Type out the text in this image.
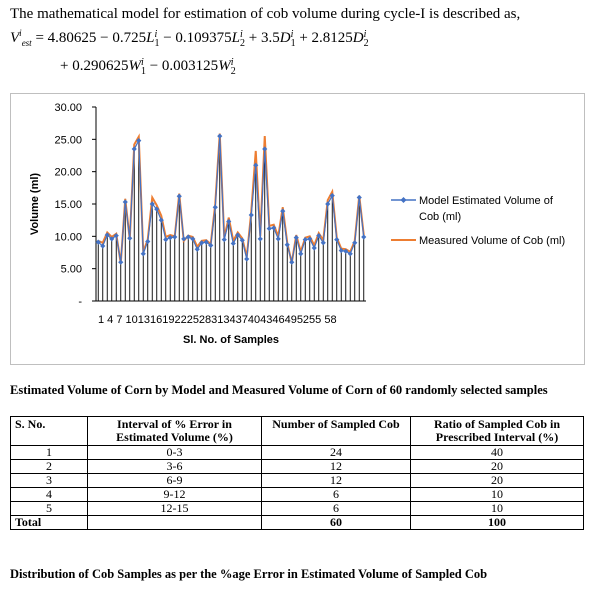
The mathematical model for estimation of cob volume during cycle-I is described as,
$V^i_{est} = 4.80625 - 0.725L$ i
1 − 0.109375L i
2 + 3.5D i
1 + 2.8125D i
2
+ 0.290625W i
1 − 0.003125W i
2
-
5.00
10.00
15.00
20.00
25.00
30.00
1 4 7 10131619222528313437404346495255 58
Sl. No. of Samples
Volume (ml)	Model Estimated Volume of Cob (ml)
Measured Volume of Cob (ml)
Estimated Volume of Corn by Model and Measured Volume of Corn of 60 randomly selected samples
S. No.	Interval of % Error in Estimated Volume (%)	Number of Sampled Cob	Ratio of Sampled Cob in Prescribed Interval (%)
1	0-3	24	40
2	3-6	12	20
3	6-9	12	20
4	9-12	6	10
5	12-15	6	10
Total		60	100
Distribution of Cob Samples as per the %age Error in Estimated Volume of Sampled Cob
